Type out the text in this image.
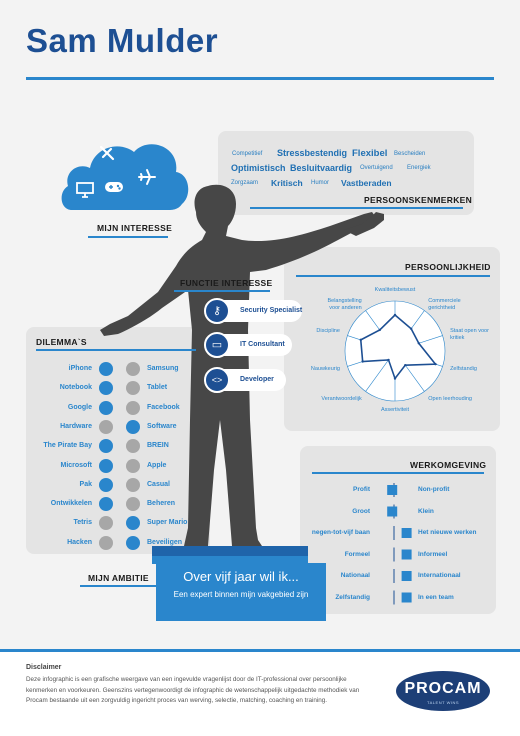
Sam Mulder
MIJN INTERESSE
Competitief Stressbestendig Flexibel Bescheiden
Optimistisch Besluitvaardig Overtuigend Energiek
Zorgzaam Kritisch Humor Vastberaden
PERSOONSKENMERKEN
PERSOONLIJKHEID
Kwaliteitsbewust
Commerciele gerichtheid
Staat open voor kritiek
Zelfstandig
Open leerhouding
Assertiviteit
Verantwoordelijk
Nauwkeurig
Discipline
Belangstelling voor anderen
FUNCTIE INTERESSE
Security Specialist
⚷
IT Consultant
▭
Developer
<>
DILEMMA`S
iPhone	Samsung
Notebook	Tablet
Google	Facebook
Hardware	Software
The Pirate Bay	BREIN
Microsoft	Apple
Pak	Casual
Ontwikkelen	Beheren
Tetris	Super Mario
Hacken	Beveiligen
WERKOMGEVING
Profit	Non-profit
Groot	Klein
negen-tot-vijf baan	Het nieuwe werken
Formeel	Informeel
Nationaal	Internationaal
Zelfstandig	In een team
MIJN AMBITIE	Over vijf jaar wil ik...
Een expert binnen mijn vakgebied zijn
Disclaimer
Deze infographic is een grafische weergave van een ingevulde vragenlijst door de IT-professional over persoonlijke kenmerken en voorkeuren. Geenszins vertegenwoordigt de infographic de wetenschappelijk uitgedachte methodiek van Procam bestaande uit een zorgvuldig ingericht proces van werving, selectie, matching, coaching en training.
PROCAM
TALENT WINS
